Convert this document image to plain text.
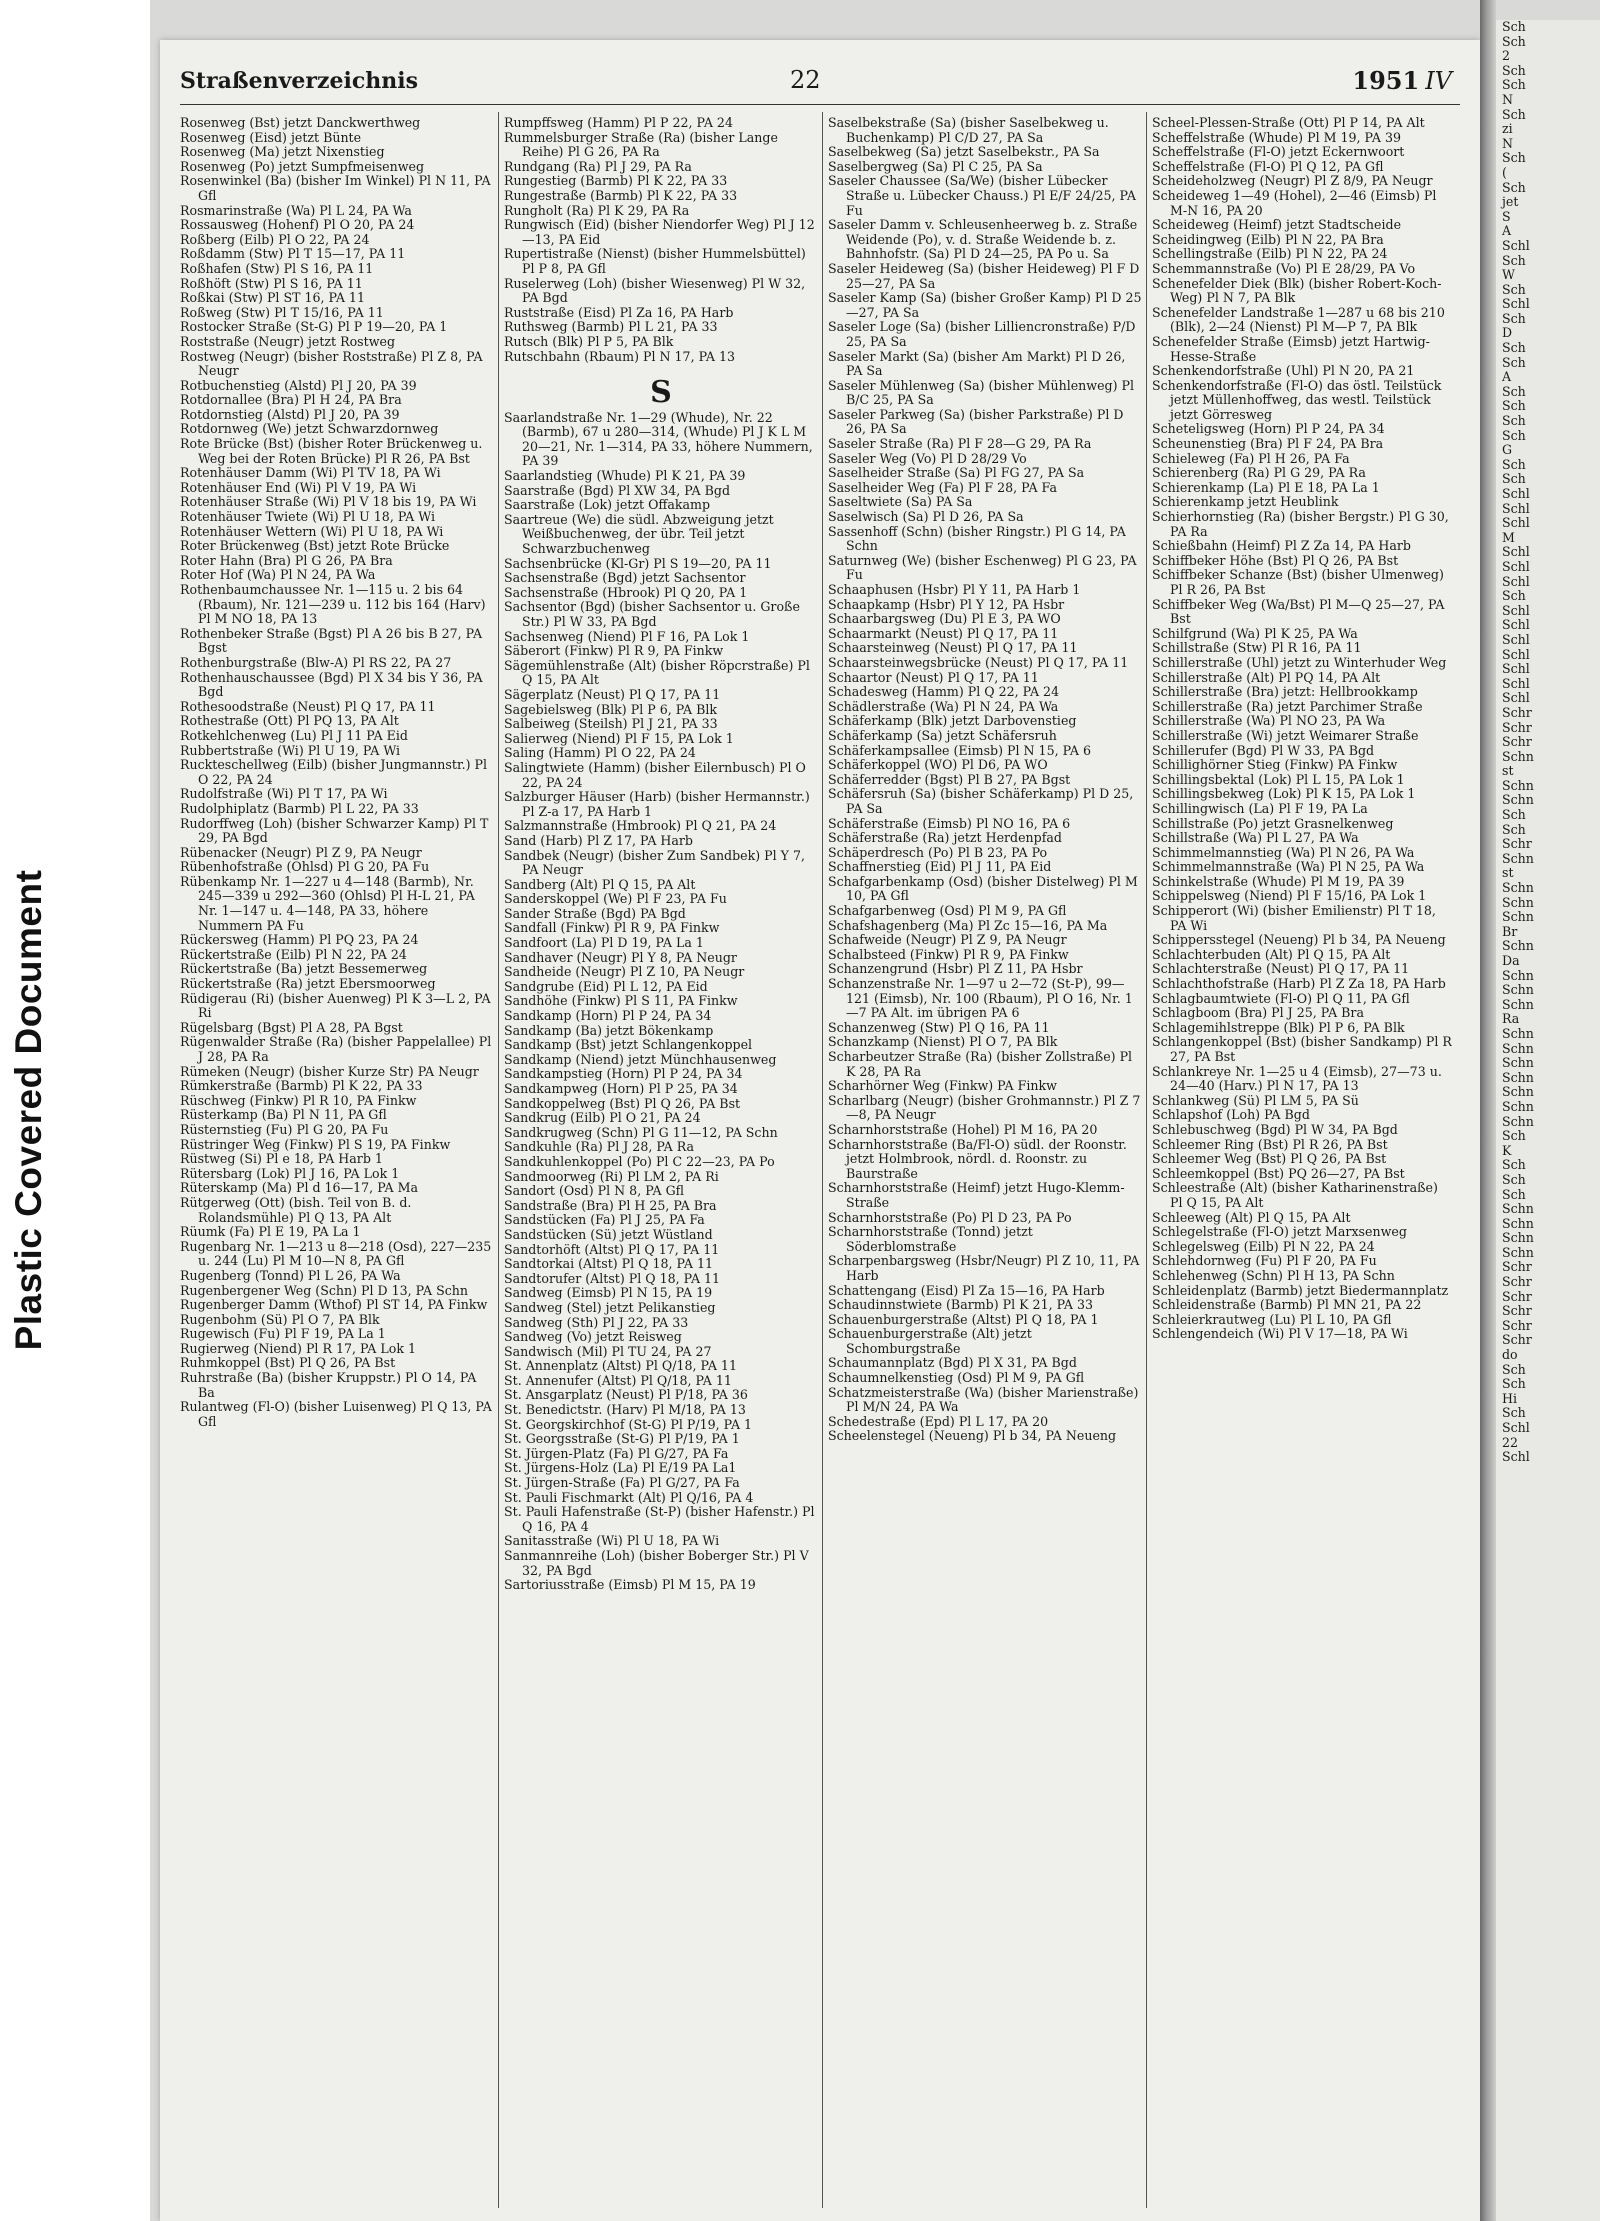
Plastic Covered Document
Straßenverzeichnis	22	1951 IV

Rosenweg (Bst) jetzt Danckwerthweg

Rosenweg (Eisd) jetzt Bünte

Rosenweg (Ma) jetzt Nixenstieg

Rosenweg (Po) jetzt Sumpfmeisenweg

Rosenwinkel (Ba) (bisher Im Winkel) Pl N 11, PA Gfl

Rosmarinstraße (Wa) Pl L 24, PA Wa

Rossausweg (Hohenf) Pl O 20, PA 24

Roßberg (Eilb) Pl O 22, PA 24

Roßdamm (Stw) Pl T 15—17, PA 11

Roßhafen (Stw) Pl S 16, PA 11

Roßhöft (Stw) Pl S 16, PA 11

Roßkai (Stw) Pl ST 16, PA 11

Roßweg (Stw) Pl T 15/16, PA 11

Rostocker Straße (St-G) Pl P 19—20, PA 1

Roststraße (Neugr) jetzt Rostweg

Rostweg (Neugr) (bisher Roststraße) Pl Z 8, PA Neugr

Rotbuchenstieg (Alstd) Pl J 20, PA 39

Rotdornallee (Bra) Pl H 24, PA Bra

Rotdornstieg (Alstd) Pl J 20, PA 39

Rotdornweg (We) jetzt Schwarzdornweg

Rote Brücke (Bst) (bisher Roter Brückenweg u. Weg bei der Roten Brücke) Pl R 26, PA Bst

Rotenhäuser Damm (Wi) Pl TV 18, PA Wi

Rotenhäuser End (Wi) Pl V 19, PA Wi

Rotenhäuser Straße (Wi) Pl V 18 bis 19, PA Wi

Rotenhäuser Twiete (Wi) Pl U 18, PA Wi

Rotenhäuser Wettern (Wi) Pl U 18, PA Wi

Roter Brückenweg (Bst) jetzt Rote Brücke

Roter Hahn (Bra) Pl G 26, PA Bra

Roter Hof (Wa) Pl N 24, PA Wa

Rothenbaumchaussee Nr. 1—115 u. 2 bis 64 (Rbaum), Nr. 121—239 u. 112 bis 164 (Harv) Pl M NO 18, PA 13

Rothenbeker Straße (Bgst) Pl A 26 bis B 27, PA Bgst

Rothenburgstraße (Blw-A) Pl RS 22, PA 27

Rothenhauschaussee (Bgd) Pl X 34 bis Y 36, PA Bgd

Rothesoodstraße (Neust) Pl Q 17, PA 11

Rothestraße (Ott) Pl PQ 13, PA Alt

Rotkehlchenweg (Lu) Pl J 11 PA Eid

Rubbertstraße (Wi) Pl U 19, PA Wi

Ruckteschellweg (Eilb) (bisher Jungmannstr.) Pl O 22, PA 24

Rudolfstraße (Wi) Pl T 17, PA Wi

Rudolphiplatz (Barmb) Pl L 22, PA 33

Rudorffweg (Loh) (bisher Schwarzer Kamp) Pl T 29, PA Bgd

Rübenacker (Neugr) Pl Z 9, PA Neugr

Rübenhofstraße (Ohlsd) Pl G 20, PA Fu

Rübenkamp Nr. 1—227 u 4—148 (Barmb), Nr. 245—339 u 292—360 (Ohlsd) Pl H-L 21, PA Nr. 1—147 u. 4—148, PA 33, höhere Nummern PA Fu

Rückersweg (Hamm) Pl PQ 23, PA 24

Rückertstraße (Eilb) Pl N 22, PA 24

Rückertstraße (Ba) jetzt Bessemerweg

Rückertstraße (Ra) jetzt Ebersmoorweg

Rüdigerau (Ri) (bisher Auenweg) Pl K 3—L 2, PA Ri

Rügelsbarg (Bgst) Pl A 28, PA Bgst

Rügenwalder Straße (Ra) (bisher Pappelallee) Pl J 28, PA Ra

Rümeken (Neugr) (bisher Kurze Str) PA Neugr

Rümkerstraße (Barmb) Pl K 22, PA 33

Rüschweg (Finkw) Pl R 10, PA Finkw

Rüsterkamp (Ba) Pl N 11, PA Gfl

Rüsternstieg (Fu) Pl G 20, PA Fu

Rüstringer Weg (Finkw) Pl S 19, PA Finkw

Rüstweg (Si) Pl e 18, PA Harb 1

Rütersbarg (Lok) Pl J 16, PA Lok 1

Rüterskamp (Ma) Pl d 16—17, PA Ma

Rütgerweg (Ott) (bish. Teil von B. d. Rolandsmühle) Pl Q 13, PA Alt

Rüumk (Fa) Pl E 19, PA La 1

Rugenbarg Nr. 1—213 u 8—218 (Osd), 227—235 u. 244 (Lu) Pl M 10—N 8, PA Gfl

Rugenberg (Tonnd) Pl L 26, PA Wa

Rugenbergener Weg (Schn) Pl D 13, PA Schn

Rugenberger Damm (Wthof) Pl ST 14, PA Finkw

Rugenbohm (Sü) Pl O 7, PA Blk

Rugewisch (Fu) Pl F 19, PA La 1

Rugierweg (Niend) Pl R 17, PA Lok 1

Ruhmkoppel (Bst) Pl Q 26, PA Bst

Ruhrstraße (Ba) (bisher Kruppstr.) Pl O 14, PA Ba

Rulantweg (Fl-O) (bisher Luisenweg) Pl Q 13, PA Gfl

Rumpffsweg (Hamm) Pl P 22, PA 24

Rummelsburger Straße (Ra) (bisher Lange Reihe) Pl G 26, PA Ra

Rundgang (Ra) Pl J 29, PA Ra

Rungestieg (Barmb) Pl K 22, PA 33

Rungestraße (Barmb) Pl K 22, PA 33

Rungholt (Ra) Pl K 29, PA Ra

Rungwisch (Eid) (bisher Niendorfer Weg) Pl J 12—13, PA Eid

Rupertistraße (Nienst) (bisher Hummelsbüttel) Pl P 8, PA Gfl

Ruselerweg (Loh) (bisher Wiesenweg) Pl W 32, PA Bgd

Ruststraße (Eisd) Pl Za 16, PA Harb

Ruthsweg (Barmb) Pl L 21, PA 33

Rutsch (Blk) Pl P 5, PA Blk

Rutschbahn (Rbaum) Pl N 17, PA 13

S

Saarlandstraße Nr. 1—29 (Whude), Nr. 22 (Barmb), 67 u 280—314, (Whude) Pl J K L M 20—21, Nr. 1—314, PA 33, höhere Nummern, PA 39

Saarlandstieg (Whude) Pl K 21, PA 39

Saarstraße (Bgd) Pl XW 34, PA Bgd

Saarstraße (Lok) jetzt Offakamp

Saartreue (We) die südl. Abzweigung jetzt Weißbuchenweg, der übr. Teil jetzt Schwarzbuchenweg

Sachsenbrücke (Kl-Gr) Pl S 19—20, PA 11

Sachsenstraße (Bgd) jetzt Sachsentor

Sachsenstraße (Hbrook) Pl Q 20, PA 1

Sachsentor (Bgd) (bisher Sachsentor u. Große Str.) Pl W 33, PA Bgd

Sachsenweg (Niend) Pl F 16, PA Lok 1

Säberort (Finkw) Pl R 9, PA Finkw

Sägemühlenstraße (Alt) (bisher Röpcrstraße) Pl Q 15, PA Alt

Sägerplatz (Neust) Pl Q 17, PA 11

Sagebielsweg (Blk) Pl P 6, PA Blk

Salbeiweg (Steilsh) Pl J 21, PA 33

Salierweg (Niend) Pl F 15, PA Lok 1

Saling (Hamm) Pl O 22, PA 24

Salingtwiete (Hamm) (bisher Eilernbusch) Pl O 22, PA 24

Salzburger Häuser (Harb) (bisher Hermannstr.) Pl Z-a 17, PA Harb 1

Salzmannstraße (Hmbrook) Pl Q 21, PA 24

Sand (Harb) Pl Z 17, PA Harb

Sandbek (Neugr) (bisher Zum Sandbek) Pl Y 7, PA Neugr

Sandberg (Alt) Pl Q 15, PA Alt

Sanderskoppel (We) Pl F 23, PA Fu

Sander Straße (Bgd) PA Bgd

Sandfall (Finkw) Pl R 9, PA Finkw

Sandfoort (La) Pl D 19, PA La 1

Sandhaver (Neugr) Pl Y 8, PA Neugr

Sandheide (Neugr) Pl Z 10, PA Neugr

Sandgrube (Eid) Pl L 12, PA Eid

Sandhöhe (Finkw) Pl S 11, PA Finkw

Sandkamp (Horn) Pl P 24, PA 34

Sandkamp (Ba) jetzt Bökenkamp

Sandkamp (Bst) jetzt Schlangenkoppel

Sandkamp (Niend) jetzt Münchhausenweg

Sandkampstieg (Horn) Pl P 24, PA 34

Sandkampweg (Horn) Pl P 25, PA 34

Sandkoppelweg (Bst) Pl Q 26, PA Bst

Sandkrug (Eilb) Pl O 21, PA 24

Sandkrugweg (Schn) Pl G 11—12, PA Schn

Sandkuhle (Ra) Pl J 28, PA Ra

Sandkuhlenkoppel (Po) Pl C 22—23, PA Po

Sandmoorweg (Ri) Pl LM 2, PA Ri

Sandort (Osd) Pl N 8, PA Gfl

Sandstraße (Bra) Pl H 25, PA Bra

Sandstücken (Fa) Pl J 25, PA Fa

Sandstücken (Sü) jetzt Wüstland

Sandtorhöft (Altst) Pl Q 17, PA 11

Sandtorkai (Altst) Pl Q 18, PA 11

Sandtorufer (Altst) Pl Q 18, PA 11

Sandweg (Eimsb) Pl N 15, PA 19

Sandweg (Stel) jetzt Pelikanstieg

Sandweg (Sth) Pl J 22, PA 33

Sandweg (Vo) jetzt Reisweg

Sandwisch (Mil) Pl TU 24, PA 27

St. Annenplatz (Altst) Pl Q/18, PA 11

St. Annenufer (Altst) Pl Q/18, PA 11

St. Ansgarplatz (Neust) Pl P/18, PA 36

St. Benedictstr. (Harv) Pl M/18, PA 13

St. Georgskirchhof (St-G) Pl P/19, PA 1

St. Georgsstraße (St-G) Pl P/19, PA 1

St. Jürgen-Platz (Fa) Pl G/27, PA Fa

St. Jürgens-Holz (La) Pl E/19 PA La1

St. Jürgen-Straße (Fa) Pl G/27, PA Fa

St. Pauli Fischmarkt (Alt) Pl Q/16, PA 4

St. Pauli Hafenstraße (St-P) (bisher Hafenstr.) Pl Q 16, PA 4

Sanitasstraße (Wi) Pl U 18, PA Wi

Sanmannreihe (Loh) (bisher Boberger Str.) Pl V 32, PA Bgd

Sartoriusstraße (Eimsb) Pl M 15, PA 19

Saselbekstraße (Sa) (bisher Saselbekweg u. Buchenkamp) Pl C/D 27, PA Sa

Saselbekweg (Sa) jetzt Saselbekstr., PA Sa

Saselbergweg (Sa) Pl C 25, PA Sa

Saseler Chaussee (Sa/We) (bisher Lübecker Straße u. Lübecker Chauss.) Pl E/F 24/25, PA Fu

Saseler Damm v. Schleusenheerweg b. z. Straße Weidende (Po), v. d. Straße Weidende b. z. Bahnhofstr. (Sa) Pl D 24—25, PA Po u. Sa

Saseler Heideweg (Sa) (bisher Heideweg) Pl F D 25—27, PA Sa

Saseler Kamp (Sa) (bisher Großer Kamp) Pl D 25—27, PA Sa

Saseler Loge (Sa) (bisher Lilliencronstraße) P/D 25, PA Sa

Saseler Markt (Sa) (bisher Am Markt) Pl D 26, PA Sa

Saseler Mühlenweg (Sa) (bisher Mühlenweg) Pl B/C 25, PA Sa

Saseler Parkweg (Sa) (bisher Parkstraße) Pl D 26, PA Sa

Saseler Straße (Ra) Pl F 28—G 29, PA Ra

Saseler Weg (Vo) Pl D 28/29 Vo

Saselheider Straße (Sa) Pl FG 27, PA Sa

Saselheider Weg (Fa) Pl F 28, PA Fa

Saseltwiete (Sa) PA Sa

Saselwisch (Sa) Pl D 26, PA Sa

Sassenhoff (Schn) (bisher Ringstr.) Pl G 14, PA Schn

Saturnweg (We) (bisher Eschenweg) Pl G 23, PA Fu

Schaaphusen (Hsbr) Pl Y 11, PA Harb 1

Schaapkamp (Hsbr) Pl Y 12, PA Hsbr

Schaarbargsweg (Du) Pl E 3, PA WO

Schaarmarkt (Neust) Pl Q 17, PA 11

Schaarsteinweg (Neust) Pl Q 17, PA 11

Schaarsteinwegsbrücke (Neust) Pl Q 17, PA 11

Schaartor (Neust) Pl Q 17, PA 11

Schadesweg (Hamm) Pl Q 22, PA 24

Schädlerstraße (Wa) Pl N 24, PA Wa

Schäferkamp (Blk) jetzt Darbovenstieg

Schäferkamp (Sa) jetzt Schäfersruh

Schäferkampsallee (Eimsb) Pl N 15, PA 6

Schäferkoppel (WO) Pl D6, PA WO

Schäferredder (Bgst) Pl B 27, PA Bgst

Schäfersruh (Sa) (bisher Schäferkamp) Pl D 25, PA Sa

Schäferstraße (Eimsb) Pl NO 16, PA 6

Schäferstraße (Ra) jetzt Herdenpfad

Schäperdresch (Po) Pl B 23, PA Po

Schaffnerstieg (Eid) Pl J 11, PA Eid

Schafgarbenkamp (Osd) (bisher Distelweg) Pl M 10, PA Gfl

Schafgarbenweg (Osd) Pl M 9, PA Gfl

Schafshagenberg (Ma) Pl Zc 15—16, PA Ma

Schafweide (Neugr) Pl Z 9, PA Neugr

Schalbsteed (Finkw) Pl R 9, PA Finkw

Schanzengrund (Hsbr) Pl Z 11, PA Hsbr

Schanzenstraße Nr. 1—97 u 2—72 (St-P), 99—121 (Eimsb), Nr. 100 (Rbaum), Pl O 16, Nr. 1—7 PA Alt. im übrigen PA 6

Schanzenweg (Stw) Pl Q 16, PA 11

Schanzkamp (Nienst) Pl O 7, PA Blk

Scharbeutzer Straße (Ra) (bisher Zollstraße) Pl K 28, PA Ra

Scharhörner Weg (Finkw) PA Finkw

Scharlbarg (Neugr) (bisher Grohmannstr.) Pl Z 7—8, PA Neugr

Scharnhorststraße (Hohel) Pl M 16, PA 20

Scharnhorststraße (Ba/Fl-O) südl. der Roonstr. jetzt Holmbrook, nördl. d. Roonstr. zu Baurstraße

Scharnhorststraße (Heimf) jetzt Hugo-Klemm-Straße

Scharnhorststraße (Po) Pl D 23, PA Po

Scharnhorststraße (Tonnd) jetzt Söderblomstraße

Scharpenbargsweg (Hsbr/Neugr) Pl Z 10, 11, PA Harb

Schattengang (Eisd) Pl Za 15—16, PA Harb

Schaudinnstwiete (Barmb) Pl K 21, PA 33

Schauenburgerstraße (Altst) Pl Q 18, PA 1

Schauenburgerstraße (Alt) jetzt Schomburgstraße

Schaumannplatz (Bgd) Pl X 31, PA Bgd

Schaumnelkenstieg (Osd) Pl M 9, PA Gfl

Schatzmeisterstraße (Wa) (bisher Marienstraße) Pl M/N 24, PA Wa

Schedestraße (Epd) Pl L 17, PA 20

Scheelenstegel (Neueng) Pl b 34, PA Neueng

Scheel-Plessen-Straße (Ott) Pl P 14, PA Alt

Scheffelstraße (Whude) Pl M 19, PA 39

Scheffelstraße (Fl-O) jetzt Eckernwoort

Scheffelstraße (Fl-O) Pl Q 12, PA Gfl

Scheideholzweg (Neugr) Pl Z 8/9, PA Neugr

Scheideweg 1—49 (Hohel), 2—46 (Eimsb) Pl M-N 16, PA 20

Scheideweg (Heimf) jetzt Stadtscheide

Scheidingweg (Eilb) Pl N 22, PA Bra

Schellingstraße (Eilb) Pl N 22, PA 24

Schemmannstraße (Vo) Pl E 28/29, PA Vo

Schenefelder Diek (Blk) (bisher Robert-Koch-Weg) Pl N 7, PA Blk

Schenefelder Landstraße 1—287 u 68 bis 210 (Blk), 2—24 (Nienst) Pl M—P 7, PA Blk

Schenefelder Straße (Eimsb) jetzt Hartwig-Hesse-Straße

Schenkendorfstraße (Uhl) Pl N 20, PA 21

Schenkendorfstraße (Fl-O) das östl. Teilstück jetzt Müllenhoffweg, das westl. Teilstück jetzt Görresweg

Scheteligsweg (Horn) Pl P 24, PA 34

Scheunenstieg (Bra) Pl F 24, PA Bra

Schieleweg (Fa) Pl H 26, PA Fa

Schierenberg (Ra) Pl G 29, PA Ra

Schierenkamp (La) Pl E 18, PA La 1

Schierenkamp jetzt Heublink

Schierhornstieg (Ra) (bisher Bergstr.) Pl G 30, PA Ra

Schießbahn (Heimf) Pl Z Za 14, PA Harb

Schiffbeker Höhe (Bst) Pl Q 26, PA Bst

Schiffbeker Schanze (Bst) (bisher Ulmenweg) Pl R 26, PA Bst

Schiffbeker Weg (Wa/Bst) Pl M—Q 25—27, PA Bst

Schilfgrund (Wa) Pl K 25, PA Wa

Schillstraße (Stw) Pl R 16, PA 11

Schillerstraße (Uhl) jetzt zu Winterhuder Weg

Schillerstraße (Alt) Pl PQ 14, PA Alt

Schillerstraße (Bra) jetzt: Hellbrookkamp

Schillerstraße (Ra) jetzt Parchimer Straße

Schillerstraße (Wa) Pl NO 23, PA Wa

Schillerstraße (Wi) jetzt Weimarer Straße

Schillerufer (Bgd) Pl W 33, PA Bgd

Schillighörner Stieg (Finkw) PA Finkw

Schillingsbektal (Lok) Pl L 15, PA Lok 1

Schillingsbekweg (Lok) Pl K 15, PA Lok 1

Schillingwisch (La) Pl F 19, PA La

Schillstraße (Po) jetzt Grasnelkenweg

Schillstraße (Wa) Pl L 27, PA Wa

Schimmelmannstieg (Wa) Pl N 26, PA Wa

Schimmelmannstraße (Wa) Pl N 25, PA Wa

Schinkelstraße (Whude) Pl M 19, PA 39

Schippelsweg (Niend) Pl F 15/16, PA Lok 1

Schipperort (Wi) (bisher Emilienstr) Pl T 18, PA Wi

Schippersstegel (Neueng) Pl b 34, PA Neueng

Schlachterbuden (Alt) Pl Q 15, PA Alt

Schlachterstraße (Neust) Pl Q 17, PA 11

Schlachthofstraße (Harb) Pl Z Za 18, PA Harb

Schlagbaumtwiete (Fl-O) Pl Q 11, PA Gfl

Schlagboom (Bra) Pl J 25, PA Bra

Schlagemihlstreppe (Blk) Pl P 6, PA Blk

Schlangenkoppel (Bst) (bisher Sandkamp) Pl R 27, PA Bst

Schlankreye Nr. 1—25 u 4 (Eimsb), 27—73 u. 24—40 (Harv.) Pl N 17, PA 13

Schlankweg (Sü) Pl LM 5, PA Sü

Schlapshof (Loh) PA Bgd

Schlebuschweg (Bgd) Pl W 34, PA Bgd

Schleemer Ring (Bst) Pl R 26, PA Bst

Schleemer Weg (Bst) Pl Q 26, PA Bst

Schleemkoppel (Bst) PQ 26—27, PA Bst

Schleestraße (Alt) (bisher Katharinenstraße) Pl Q 15, PA Alt

Schleeweg (Alt) Pl Q 15, PA Alt

Schlegelstraße (Fl-O) jetzt Marxsenweg

Schlegelsweg (Eilb) Pl N 22, PA 24

Schlehdornweg (Fu) Pl F 20, PA Fu

Schlehenweg (Schn) Pl H 13, PA Schn

Schleidenplatz (Barmb) jetzt Biedermannplatz

Schleidenstraße (Barmb) Pl MN 21, PA 22

Schleierkrautweg (Lu) Pl L 10, PA Gfl

Schlengendeich (Wi) Pl V 17—18, PA Wi

Sch
Sch
2
Sch
Sch
N
Sch
zi
N
Sch
(
Sch
jet
S
A
Schl
Sch
W
Sch
Schl
Sch
D
Sch
Sch
A
Sch
Sch
Sch
Sch
G
Sch
Sch
Schl
Schl
Schl
M
Schl
Schl
Schl
Sch
Schl
Schl
Schl
Schl
Schl
Schl
Schl
Schr
Schr
Schr
Schn
st
Schn
Schn
Sch
Sch
Schr
Schn
st
Schn
Schn
Schn
Br
Schn
Da
Schn
Schn
Schn
Ra
Schn
Schn
Schn
Schn
Schn
Schn
Schn
Sch
K
Sch
Sch
Sch
Schn
Schn
Schn
Schn
Schr
Schr
Schr
Schr
Schr
Schr
do
Sch
Sch
Hi
Sch
Schl
22
Schl
